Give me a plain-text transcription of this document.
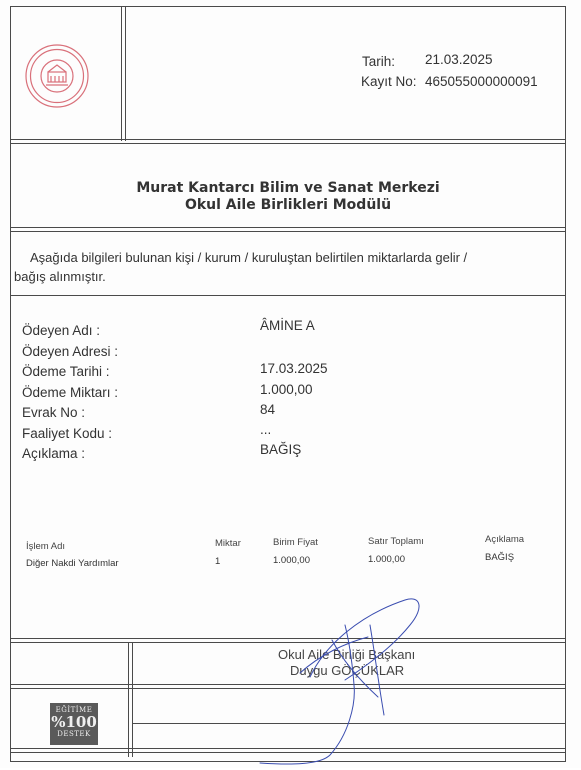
Tarih: 21.03.2025
Kayıt No: 465055000000091
Murat Kantarcı Bilim ve Sanat Merkezi
Okul Aile Birlikleri Modülü
Aşağıda bilgileri bulunan kişi / kurum / kuruluştan belirtilen miktarlarda gelir /
bağış alınmıştır.
Ödeyen Adı :	ÂMİNE A
Ödeyen Adresi :
Ödeme Tarihi :	17.03.2025
Ödeme Miktarı :	1.000,00
Evrak No :	84
Faaliyet Kodu :	...
Açıklama :	BAĞIŞ
İşlem Adı	Miktar	Birim Fiyat	Satır Toplamı	Açıklama
Diğer Nakdi Yardımlar	1	1.000,00	1.000,00	BAĞIŞ
Okul Aile Birliği Başkanı
Duygu GÖÇÜKLAR
EĞİTİME
%100
DESTEK
